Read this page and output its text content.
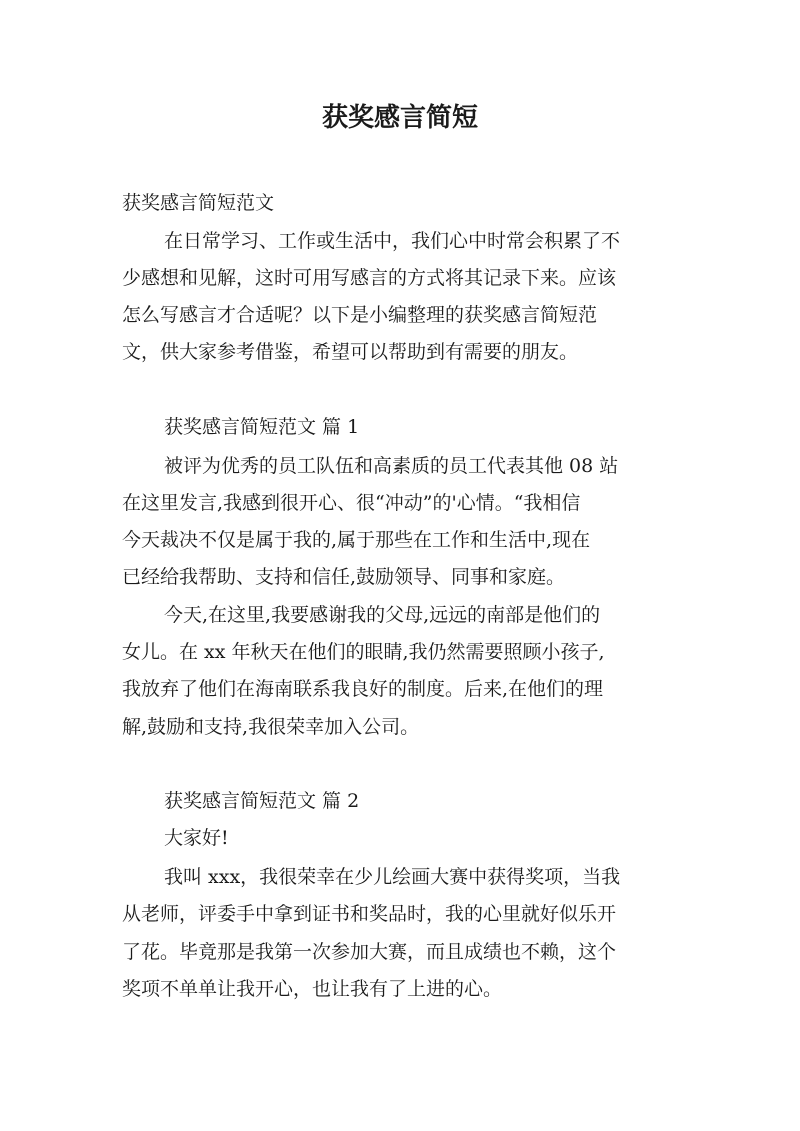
获奖感言简短

获奖感言简短范文

在日常学习、工作或生活中，我们心中时常会积累了不

少感想和见解，这时可用写感言的方式将其记录下来。应该

怎么写感言才合适呢？以下是小编整理的获奖感言简短范

文，供大家参考借鉴，希望可以帮助到有需要的朋友。

获奖感言简短范文 篇 1

被评为优秀的员工队伍和高素质的员工代表其他 08 站

在这里发言,我感到很开心、很“冲动”的'心情。“我相信

今天裁决不仅是属于我的,属于那些在工作和生活中,现在

已经给我帮助、支持和信任,鼓励领导、同事和家庭。

今天,在这里,我要感谢我的父母,远远的南部是他们的

女儿。在 xx 年秋天在他们的眼睛,我仍然需要照顾小孩子,

我放弃了他们在海南联系我良好的制度。后来,在他们的理

解,鼓励和支持,我很荣幸加入公司。

获奖感言简短范文 篇 2

大家好!

我叫 xxx，我很荣幸在少儿绘画大赛中获得奖项，当我

从老师，评委手中拿到证书和奖品时，我的心里就好似乐开

了花。毕竟那是我第一次参加大赛，而且成绩也不赖，这个

奖项不单单让我开心，也让我有了上进的心。
